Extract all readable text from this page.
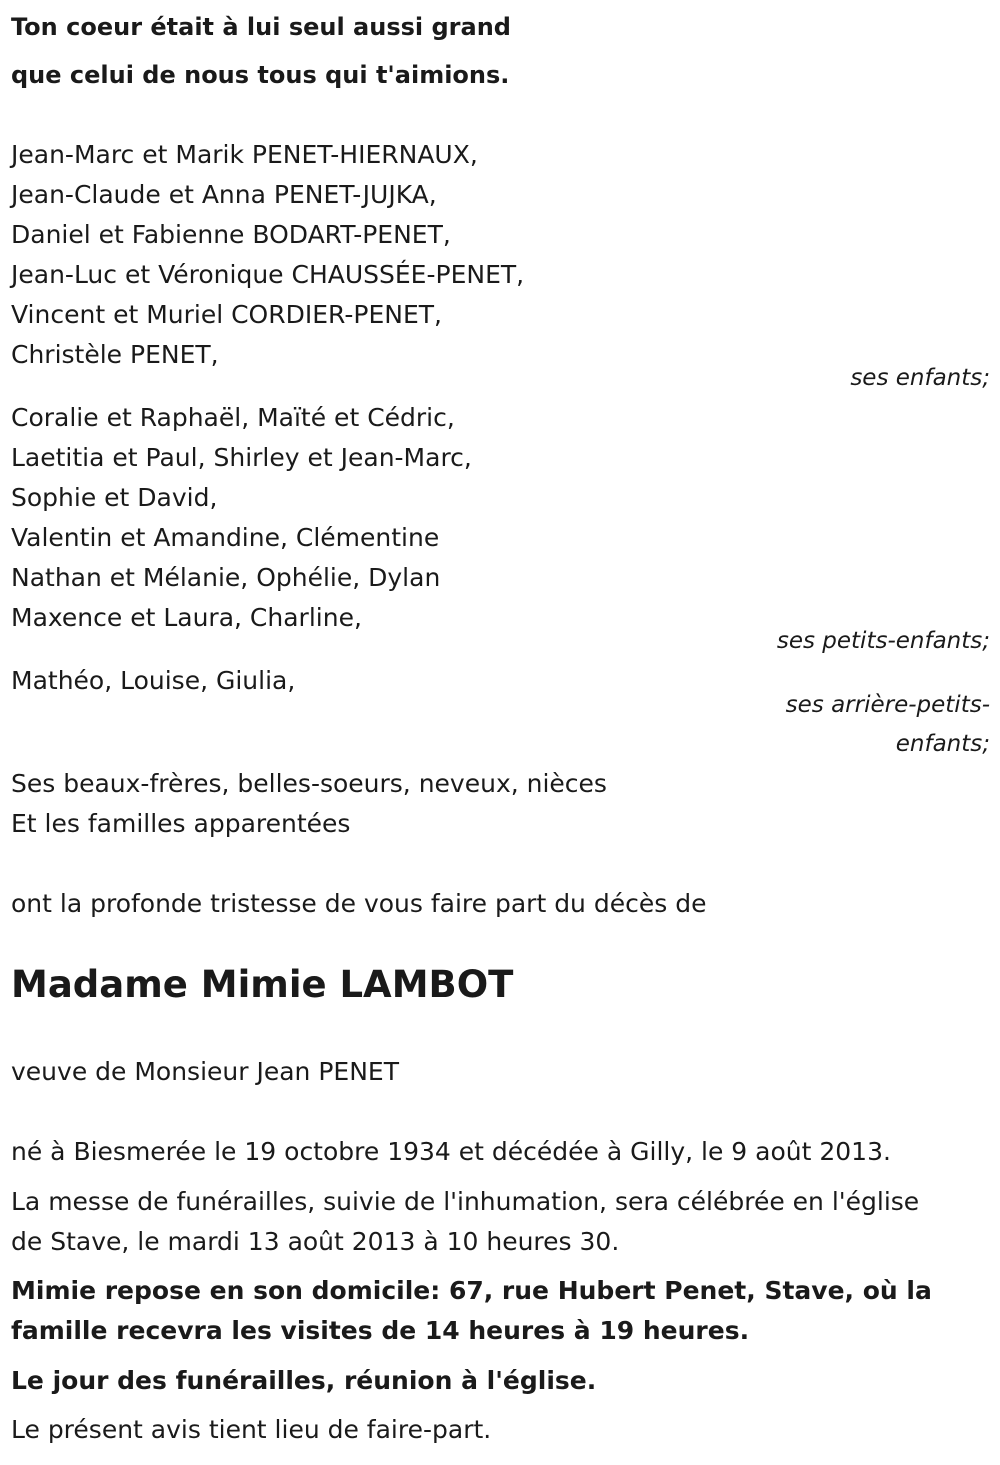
Ton coeur était à lui seul aussi grand
que celui de nous tous qui t'aimions.
Jean-Marc et Marik PENET-HIERNAUX,
Jean-Claude et Anna PENET-JUJKA,
Daniel et Fabienne BODART-PENET,
Jean-Luc et Véronique CHAUSSÉE-PENET,
Vincent et Muriel CORDIER-PENET,
Christèle PENET,
ses enfants;
Coralie et Raphaël, Maïté et Cédric,
Laetitia et Paul, Shirley et Jean-Marc,
Sophie et David,
Valentin et Amandine, Clémentine
Nathan et Mélanie, Ophélie, Dylan
Maxence et Laura, Charline,
ses petits-enfants;
Mathéo, Louise, Giulia,
ses arrière-petits-
enfants;
Ses beaux-frères, belles-soeurs, neveux, nièces
Et les familles apparentées
ont la profonde tristesse de vous faire part du décès de
Madame Mimie LAMBOT
veuve de Monsieur Jean PENET
né à Biesmerée le 19 octobre 1934 et décédée à Gilly, le 9 août 2013.
La messe de funérailles, suivie de l'inhumation, sera célébrée en l'église
de Stave, le mardi 13 août 2013 à 10 heures 30.
Mimie repose en son domicile: 67, rue Hubert Penet, Stave, où la
famille recevra les visites de 14 heures à 19 heures.
Le jour des funérailles, réunion à l'église.
Le présent avis tient lieu de faire-part.
